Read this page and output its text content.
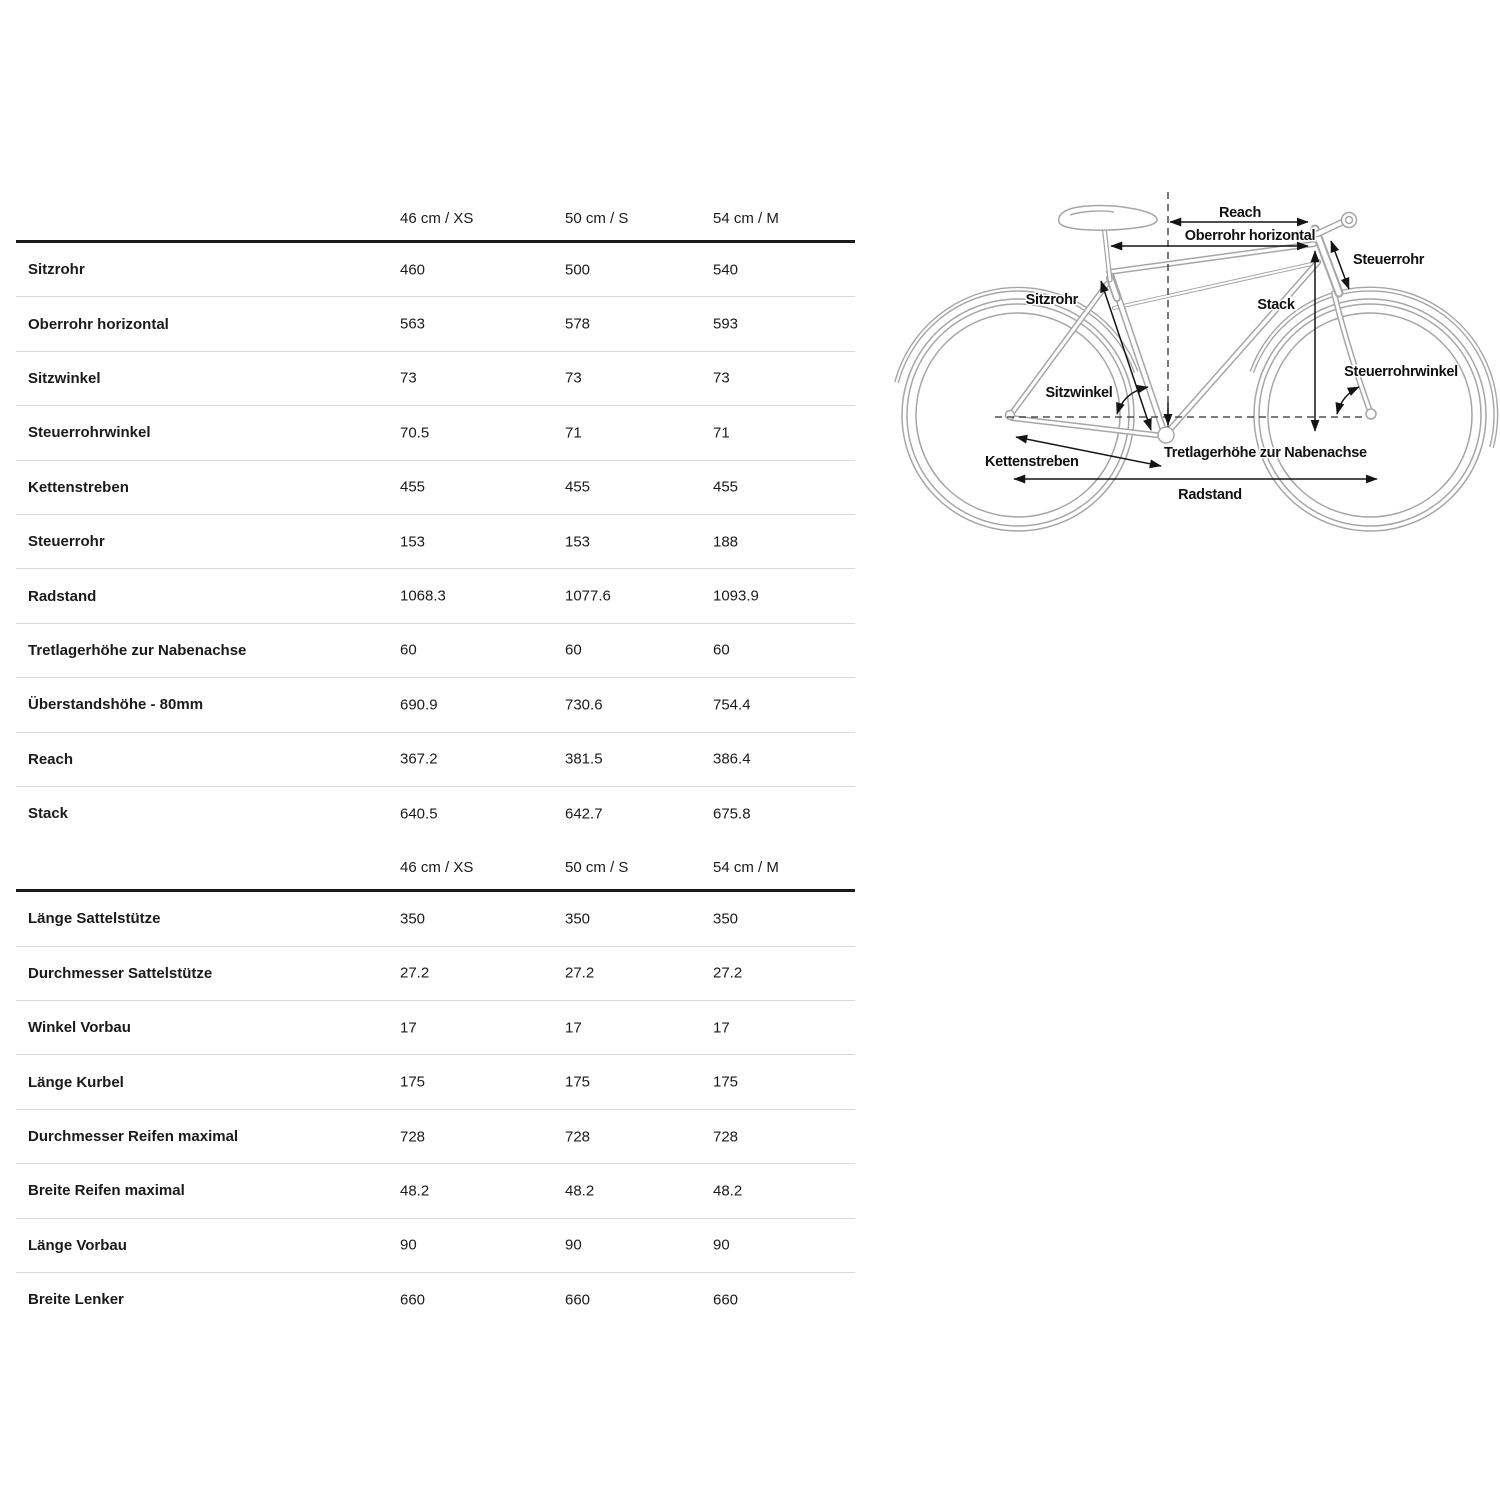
46 cm / XS	50 cm / S	54 cm / M
Sitzrohr	460	500	540
Oberrohr horizontal	563	578	593
Sitzwinkel	73	73	73
Steuerrohrwinkel	70.5	71	71
Kettenstreben	455	455	455
Steuerrohr	153	153	188
Radstand	1068.3	1077.6	1093.9
Tretlagerhöhe zur Nabenachse	60	60	60
Überstandshöhe - 80mm	690.9	730.6	754.4
Reach	367.2	381.5	386.4
Stack	640.5	642.7	675.8
46 cm / XS	50 cm / S	54 cm / M
Länge Sattelstütze	350	350	350
Durchmesser Sattelstütze	27.2	27.2	27.2
Winkel Vorbau	17	17	17
Länge Kurbel	175	175	175
Durchmesser Reifen maximal	728	728	728
Breite Reifen maximal	48.2	48.2	48.2
Länge Vorbau	90	90	90
Breite Lenker	660	660	660
Reach
Oberrohr horizontal
Steuerrohr
Sitzrohr	Stack
Steuerrohrwinkel
Sitzwinkel
Kettenstreben
Tretlagerhöhe zur Nabenachse
Radstand
